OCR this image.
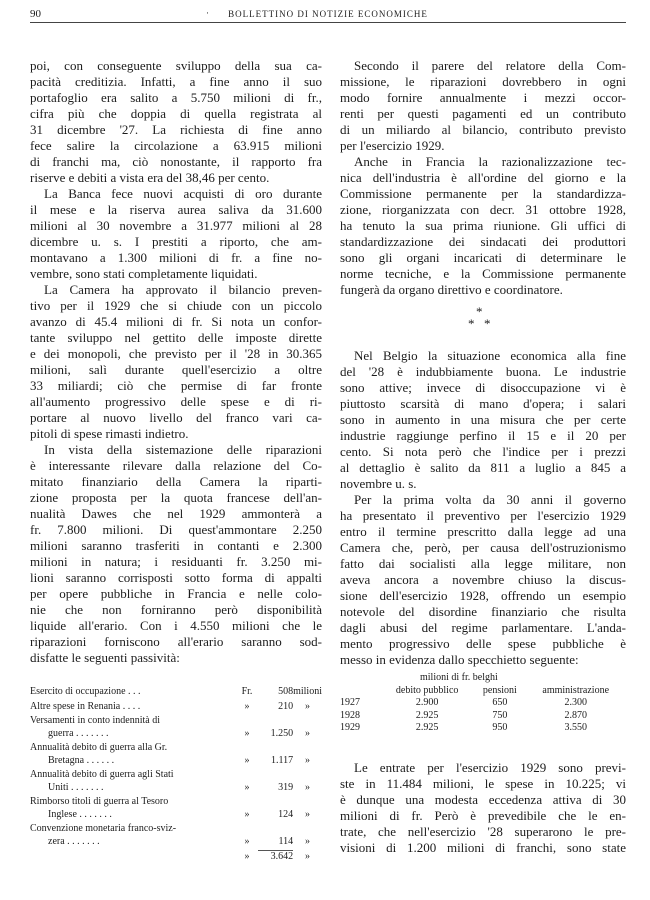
90	·	BOLLETTINO DI NOTIZIE ECONOMICHE
poi, con conseguente sviluppo della sua ca-
pacità creditizia. Infatti, a fine anno il suo
portafoglio era salito a 5.750 milioni di fr.,
cifra più che doppia di quella registrata al
31 dicembre '27. La richiesta di fine anno
fece salire la circolazione a 63.915 milioni
di franchi ma, ciò nonostante, il rapporto fra
riserve e debiti a vista era del 38,46 per cento.
La Banca fece nuovi acquisti di oro durante
il mese e la riserva aurea saliva da 31.600
milioni al 30 novembre a 31.977 milioni al 28
dicembre u. s. I prestiti a riporto, che am-
montavano a 1.300 milioni di fr. a fine no-
vembre, sono stati completamente liquidati.
La Camera ha approvato il bilancio preven-
tivo per il 1929 che si chiude con un piccolo
avanzo di 45.4 milioni di fr. Si nota un confor-
tante sviluppo nel gettito delle imposte dirette
e dei monopoli, che previsto per il '28 in 30.365
milioni, salì durante quell'esercizio a oltre
33 miliardi; ciò che permise di far fronte
all'aumento progressivo delle spese e di ri-
portare al nuovo livello del franco vari ca-
pitoli di spese rimasti indietro.
In vista della sistemazione delle riparazioni
è interessante rilevare dalla relazione del Co-
mitato finanziario della Camera la riparti-
zione proposta per la quota francese dell'an-
nualità Dawes che nel 1929 ammonterà a
fr. 7.800 milioni. Di quest'ammontare 2.250
milioni saranno trasferiti in contanti e 2.300
milioni in natura; i residuanti fr. 3.250 mi-
lioni saranno corrisposti sotto forma di appalti
per opere pubbliche in Francia e nelle colo-
nie che non forniranno però disponibilità
liquide all'erario. Con i 4.550 milioni che le
riparazioni forniscono all'erario saranno sod-
disfatte le seguenti passività:
Esercito di occupazione . . .	Fr.	508	milioni
Altre spese in Renania . . . .	»	210	»
Versamenti in conto indennità di			
guerra . . . . . . .	»	1.250	»
Annualità debito di guerra alla Gr.			
Bretagna . . . . . .	»	1.117	»
Annualità debito di guerra agli Stati			
Uniti . . . . . . .	»	319	»
Rimborso titoli di guerra al Tesoro			
Inglese . . . . . . .	»	124	»
Convenzione monetaria franco-sviz-			
zera . . . . . . .	»	114	»
	»	3.642	»
Secondo il parere del relatore della Com-
missione, le riparazioni dovrebbero in ogni
modo fornire annualmente i mezzi occor-
renti per questi pagamenti ed un contributo
di un miliardo al bilancio, contributo previsto
per l'esercizio 1929.
Anche in Francia la razionalizzazione tec-
nica dell'industria è all'ordine del giorno e la
Commissione permanente per la standardizza-
zione, riorganizzata con decr. 31 ottobre 1928,
ha tenuto la sua prima riunione. Gli uffici di
standardizzazione dei sindacati dei produttori
sono gli organi incaricati di determinare le
norme tecniche, e la Commissione permanente
fungerà da organo direttivo e coordinatore.
*
* *
Nel Belgio la situazione economica alla fine
del '28 è indubbiamente buona. Le industrie
sono attive; invece di disoccupazione vi è
piuttosto scarsità di mano d'opera; i salari
sono in aumento in una misura che per certe
industrie raggiunge perfino il 15 e il 20 per
cento. Si nota però che l'indice per i prezzi
al dettaglio è salito da 811 a luglio a 845 a
novembre u. s.
Per la prima volta da 30 anni il governo
ha presentato il preventivo per l'esercizio 1929
entro il termine prescritto dalla legge ad una
Camera che, però, per causa dell'ostruzionismo
fatto dai socialisti alla legge militare, non
aveva ancora a novembre chiuso la discus-
sione dell'esercizio 1928, offrendo un esempio
notevole del disordine finanziario che risulta
dagli abusi del regime parlamentare. L'anda-
mento progressivo delle spese pubbliche è
messo in evidenza dallo specchietto seguente:
	milioni di fr. belghi		
	debito pubblico	pensioni	amministrazione
1927	2.900	650	2.300
1928	2.925	750	2.870
1929	2.925	950	3.550
Le entrate per l'esercizio 1929 sono previ-
ste in 11.484 milioni, le spese in 10.225; vi
è dunque una modesta eccedenza attiva di 30
milioni di fr. Però è prevedibile che le en-
trate, che nell'esercizio '28 superarono le pre-
visioni di 1.200 milioni di franchi, sono state
